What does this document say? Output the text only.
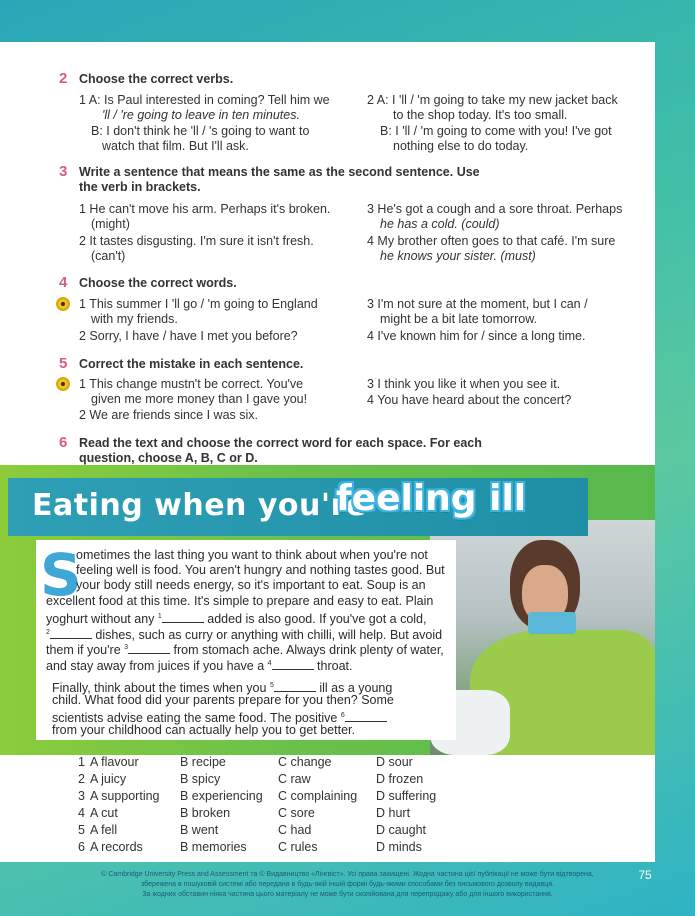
2 Choose the correct verbs.
1 A: Is Paul interested in coming? Tell him we
'll / 're going to leave in ten minutes.
B: I don't think he 'll / 's going to want to
watch that film. But I'll ask.
2 A: I 'll / 'm going to take my new jacket back
to the shop today. It's too small.
B: I 'll / 'm going to come with you! I've got
nothing else to do today.
3 Write a sentence that means the same as the second sentence. Use
the verb in brackets.
1 He can't move his arm. Perhaps it's broken.
(might)
2 It tastes disgusting. I'm sure it isn't fresh.
(can't)
3 He's got a cough and a sore throat. Perhaps
he has a cold. (could)
4 My brother often goes to that café. I'm sure
he knows your sister. (must)
4 Choose the correct words.
1 This summer I 'll go / 'm going to England
with my friends.
2 Sorry, I have / have I met you before?
3 I'm not sure at the moment, but I can /
might be a bit late tomorrow.
4 I've known him for / since a long time.
5 Correct the mistake in each sentence.
1 This change mustn't be correct. You've
given me more money than I gave you!
2 We are friends since I was six.
3 I think you like it when you see it.
4 You have heard about the concert?
6 Read the text and choose the correct word for each space. For each
question, choose A, B, C or D.
Eating when you're
feeling ill
S
ometimes the last thing you want to think about when you're not
feeling well is food. You aren't hungry and nothing tastes good. But
your body still needs energy, so it's important to eat. Soup is an
excellent food at this time. It's simple to prepare and easy to eat. Plain
yoghurt without any $^1$	added is also good. If you've got a cold,
$^2$	dishes, such as curry or anything with chilli, will help. But avoid
them if you're $^3$	from stomach ache. Always drink plenty of water,
and stay away from juices if you have a $^4$	throat.
Finally, think about the times when you $^5$	ill as a young
child. What food did your parents prepare for you then? Some
scientists advise eating the same food. The positive $^6$
from your childhood can actually help you to get better.
1 A flavour	B recipe	C change	D sour
2 A juicy	B spicy	C raw	D frozen
3 A supporting B experiencing C complaining D suffering
4 A cut	B broken	C sore	D hurt
5 A fell	B went	C had	D caught
6 A records	B memories	C rules	D minds
© Cambridge University Press and Assessment та © Видавництво «Лінгвіст». Усі права захищені. Жодна частина цієї публікації не може бути відтворена,
збережена в пошуковій системі або передана в будь-якій іншій формі будь-якими способами без письмового дозволу видавця.
За жодних обставин ніяка частина цього матеріалу не може бути скопійована для перепродажу або для іншого використання.
75
